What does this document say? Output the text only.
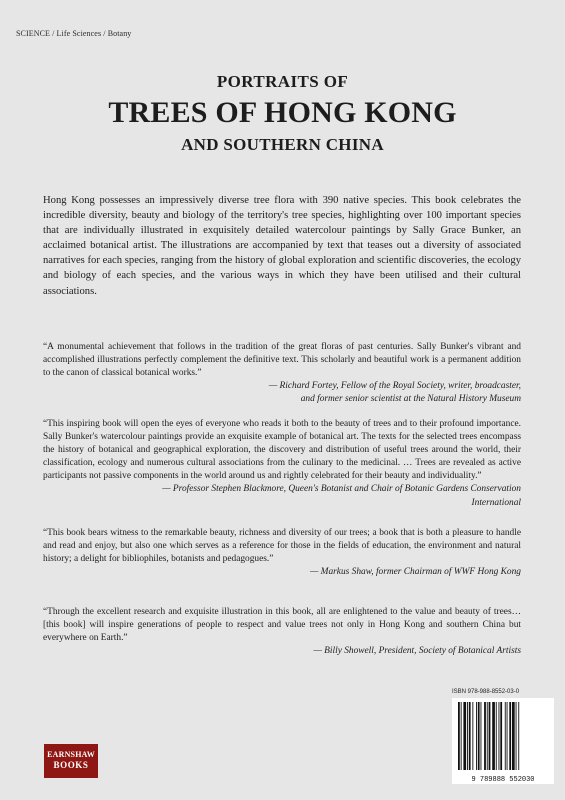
SCIENCE / Life Sciences / Botany
PORTRAITS OF
TREES OF HONG KONG
AND SOUTHERN CHINA

Hong Kong possesses an impressively diverse tree flora with 390 native species. This book celebrates the incredible diversity, beauty and biology of the territory's tree species, highlighting over 100 important species that are individually illustrated in exquisitely detailed watercolour paintings by Sally Grace Bunker, an acclaimed botanical artist. The illustrations are accompanied by text that teases out a diversity of associated narratives for each species, ranging from the history of global exploration and scientific discoveries, the ecology and biology of each species, and the various ways in which they have been utilised and their cultural associations.

“A monumental achievement that follows in the tradition of the great floras of past centuries. Sally Bunker's vibrant and accomplished illustrations perfectly complement the definitive text. This scholarly and beautiful work is a permanent addition to the canon of classical botanical works.”
— Richard Fortey, Fellow of the Royal Society, writer, broadcaster,
and former senior scientist at the Natural History Museum

“This inspiring book will open the eyes of everyone who reads it both to the beauty of trees and to their profound importance. Sally Bunker's watercolour paintings provide an exquisite example of botanical art. The texts for the selected trees encompass the history of botanical and geographical exploration, the discovery and distribution of useful trees around the world, their classification, ecology and numerous cultural associations from the culinary to the medicinal. … Trees are revealed as active participants not passive components in the world around us and rightly celebrated for their beauty and individuality.”
— Professor Stephen Blackmore, Queen's Botanist and Chair of Botanic Gardens Conservation
International

“This book bears witness to the remarkable beauty, richness and diversity of our trees; a book that is both a pleasure to handle and read and enjoy, but also one which serves as a reference for those in the fields of education, the environment and natural history; a delight for bibliophiles, botanists and pedagogues.”
— Markus Shaw, former Chairman of WWF Hong Kong

“Through the excellent research and exquisite illustration in this book, all are enlightened to the value and beauty of trees… [this book] will inspire generations of people to respect and value trees not only in Hong Kong and southern China but everywhere on Earth.”
— Billy Showell, President, Society of Botanical Artists

ISBN 978-988-8552-03-0
9 789888 552030
EARNSHAW
BOOKS
